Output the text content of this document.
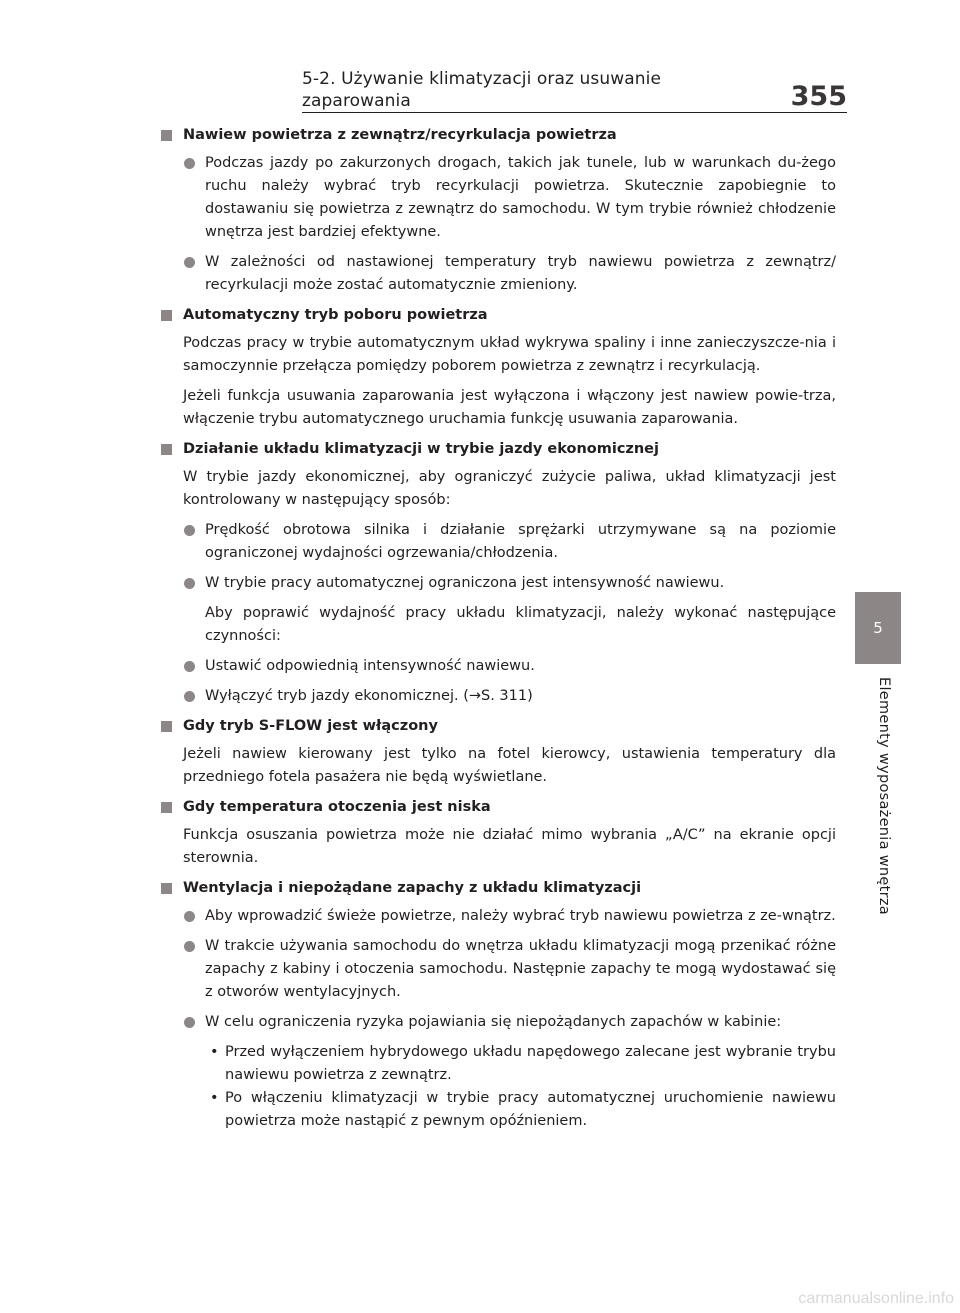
5-2. Używanie klimatyzacji oraz usuwanie zaparowania	355
5
Elementy wyposażenia wnętrza
Nawiew powietrza z zewnątrz/recyrkulacja powietrza
Podczas jazdy po zakurzonych drogach, takich jak tunele, lub w warunkach du-żego ruchu należy wybrać tryb recyrkulacji powietrza. Skutecznie zapobiegnie to dostawaniu się powietrza z zewnątrz do samochodu. W tym trybie również chłodzenie wnętrza jest bardziej efektywne.
W zależności od nastawionej temperatury tryb nawiewu powietrza z zewnątrz/ recyrkulacji może zostać automatycznie zmieniony.
Automatyczny tryb poboru powietrza
Podczas pracy w trybie automatycznym układ wykrywa spaliny i inne zanieczyszcze-nia i samoczynnie przełącza pomiędzy poborem powietrza z zewnątrz i recyrkulacją.
Jeżeli funkcja usuwania zaparowania jest wyłączona i włączony jest nawiew powie-trza, włączenie trybu automatycznego uruchamia funkcję usuwania zaparowania.
Działanie układu klimatyzacji w trybie jazdy ekonomicznej
W trybie jazdy ekonomicznej, aby ograniczyć zużycie paliwa, układ klimatyzacji jest kontrolowany w następujący sposób:
Prędkość obrotowa silnika i działanie sprężarki utrzymywane są na poziomie ograniczonej wydajności ogrzewania/chłodzenia.
W trybie pracy automatycznej ograniczona jest intensywność nawiewu.
Aby poprawić wydajność pracy układu klimatyzacji, należy wykonać następujące czynności:
Ustawić odpowiednią intensywność nawiewu.
Wyłączyć tryb jazdy ekonomicznej. (→S. 311)
Gdy tryb S-FLOW jest włączony
Jeżeli nawiew kierowany jest tylko na fotel kierowcy, ustawienia temperatury dla przedniego fotela pasażera nie będą wyświetlane.
Gdy temperatura otoczenia jest niska
Funkcja osuszania powietrza może nie działać mimo wybrania „A/C” na ekranie opcji sterownia.
Wentylacja i niepożądane zapachy z układu klimatyzacji
Aby wprowadzić świeże powietrze, należy wybrać tryb nawiewu powietrza z ze-wnątrz.
W trakcie używania samochodu do wnętrza układu klimatyzacji mogą przenikać różne zapachy z kabiny i otoczenia samochodu. Następnie zapachy te mogą wydostawać się z otworów wentylacyjnych.
W celu ograniczenia ryzyka pojawiania się niepożądanych zapachów w kabinie:
• Przed wyłączeniem hybrydowego układu napędowego zalecane jest wybranie trybu nawiewu powietrza z zewnątrz.
• Po włączeniu klimatyzacji w trybie pracy automatycznej uruchomienie nawiewu powietrza może nastąpić z pewnym opóźnieniem.
carmanualsonline.info
